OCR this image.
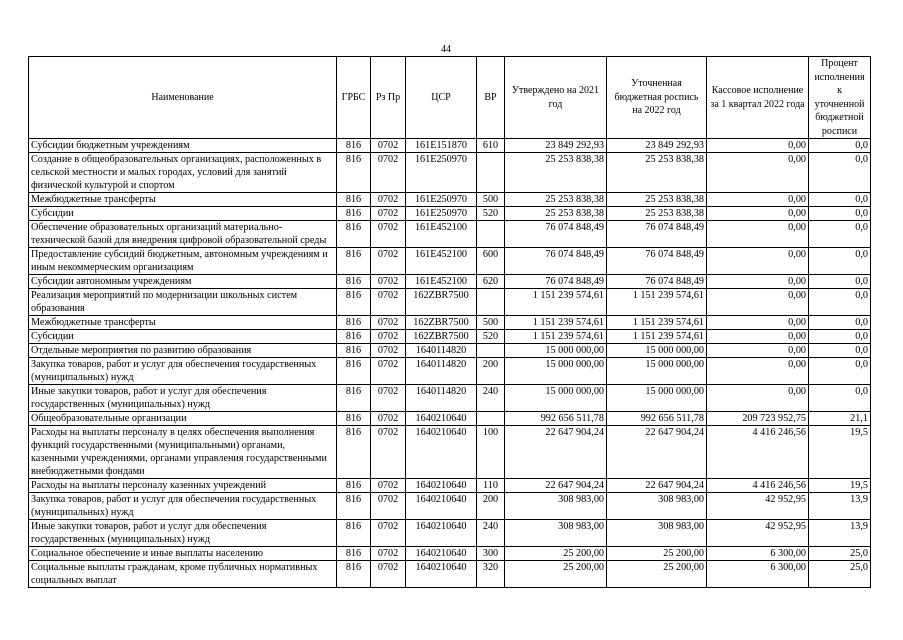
44
Наименование	ГРБС	Рз Пр	ЦСР	ВР	Утверждено на 2021 год	Уточненная бюджетная роспись на 2022 год	Кассовое исполнение за 1 квартал 2022 года	Процент исполнения к уточненной бюджетной росписи
Субсидии бюджетным учреждениям	816	0702	161E151870	610	23 849 292,93	23 849 292,93	0,00	0,0
Создание в общеобразовательных организациях, расположенных в сельской местности и малых городах, условий для занятий физической культурой и спортом	816	0702	161E250970		25 253 838,38	25 253 838,38	0,00	0,0
Межбюджетные трансферты	816	0702	161E250970	500	25 253 838,38	25 253 838,38	0,00	0,0
Субсидии	816	0702	161E250970	520	25 253 838,38	25 253 838,38	0,00	0,0
Обеспечение образовательных организаций материально-технической базой для внедрения цифровой образовательной среды	816	0702	161E452100		76 074 848,49	76 074 848,49	0,00	0,0
Предоставление субсидий бюджетным, автономным учреждениям и иным некоммерческим организациям	816	0702	161E452100	600	76 074 848,49	76 074 848,49	0,00	0,0
Субсидии автономным учреждениям	816	0702	161E452100	620	76 074 848,49	76 074 848,49	0,00	0,0
Реализация мероприятий по модернизации школьных систем образования	816	0702	162ZBR7500		1 151 239 574,61	1 151 239 574,61	0,00	0,0
Межбюджетные трансферты	816	0702	162ZBR7500	500	1 151 239 574,61	1 151 239 574,61	0,00	0,0
Субсидии	816	0702	162ZBR7500	520	1 151 239 574,61	1 151 239 574,61	0,00	0,0
Отдельные мероприятия по развитию образования	816	0702	1640114820		15 000 000,00	15 000 000,00	0,00	0,0
Закупка товаров, работ и услуг для обеспечения государственных (муниципальных) нужд	816	0702	1640114820	200	15 000 000,00	15 000 000,00	0,00	0,0
Иные закупки товаров, работ и услуг для обеспечения государственных (муниципальных) нужд	816	0702	1640114820	240	15 000 000,00	15 000 000,00	0,00	0,0
Общеобразовательные организации	816	0702	1640210640		992 656 511,78	992 656 511,78	209 723 952,75	21,1
Расходы на выплаты персоналу в целях обеспечения выполнения функций государственными (муниципальными) органами, казенными учреждениями, органами управления государственными внебюджетными фондами	816	0702	1640210640	100	22 647 904,24	22 647 904,24	4 416 246,56	19,5
Расходы на выплаты персоналу казенных учреждений	816	0702	1640210640	110	22 647 904,24	22 647 904,24	4 416 246,56	19,5
Закупка товаров, работ и услуг для обеспечения государственных (муниципальных) нужд	816	0702	1640210640	200	308 983,00	308 983,00	42 952,95	13,9
Иные закупки товаров, работ и услуг для обеспечения государственных (муниципальных) нужд	816	0702	1640210640	240	308 983,00	308 983,00	42 952,95	13,9
Социальное обеспечение и иные выплаты населению	816	0702	1640210640	300	25 200,00	25 200,00	6 300,00	25,0
Социальные выплаты гражданам, кроме публичных нормативных социальных выплат	816	0702	1640210640	320	25 200,00	25 200,00	6 300,00	25,0
